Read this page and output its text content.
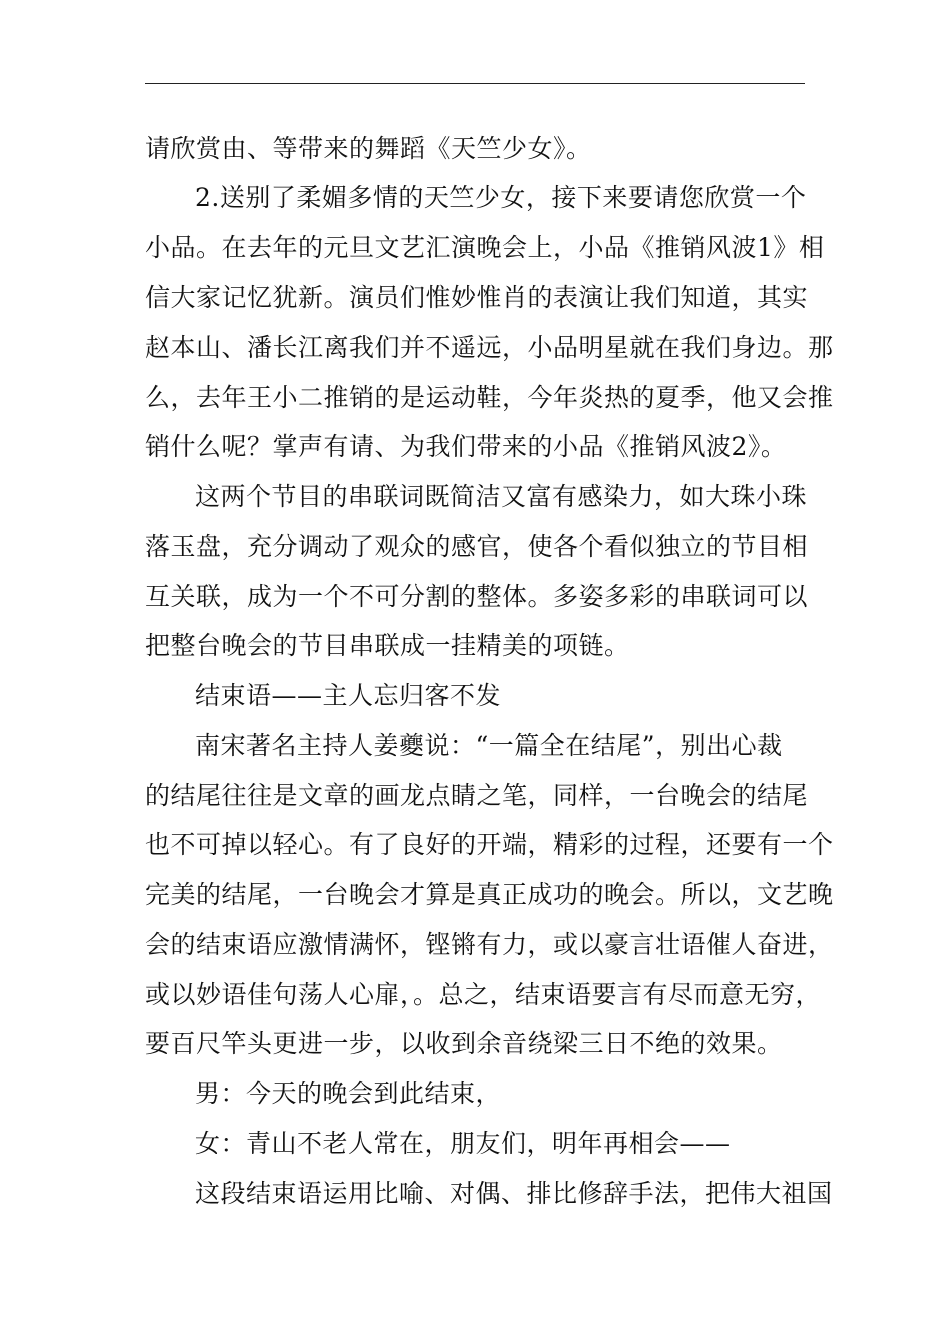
请欣赏由、等带来的舞蹈《天竺少女》。
2.送别了柔媚多情的天竺少女，接下来要请您欣赏一个
小品。在去年的元旦文艺汇演晚会上，小品《推销风波1》相
信大家记忆犹新。演员们惟妙惟肖的表演让我们知道，其实
赵本山、潘长江离我们并不遥远，小品明星就在我们身边。那
么，去年王小二推销的是运动鞋，今年炎热的夏季，他又会推
销什么呢？掌声有请、为我们带来的小品《推销风波2》。
这两个节目的串联词既简洁又富有感染力，如大珠小珠
落玉盘，充分调动了观众的感官，使各个看似独立的节目相
互关联，成为一个不可分割的整体。多姿多彩的串联词可以
把整台晚会的节目串联成一挂精美的项链。
结束语——主人忘归客不发
南宋著名主持人姜夔说：“一篇全在结尾”，别出心裁
的结尾往往是文章的画龙点睛之笔，同样，一台晚会的结尾
也不可掉以轻心。有了良好的开端，精彩的过程，还要有一个
完美的结尾，一台晚会才算是真正成功的晚会。所以，文艺晚
会的结束语应激情满怀，铿锵有力，或以豪言壮语催人奋进，
或以妙语佳句荡人心扉，。总之，结束语要言有尽而意无穷，
要百尺竿头更进一步，以收到余音绕梁三日不绝的效果。
男：今天的晚会到此结束，
女：青山不老人常在，朋友们，明年再相会——
这段结束语运用比喻、对偶、排比修辞手法，把伟大祖国
